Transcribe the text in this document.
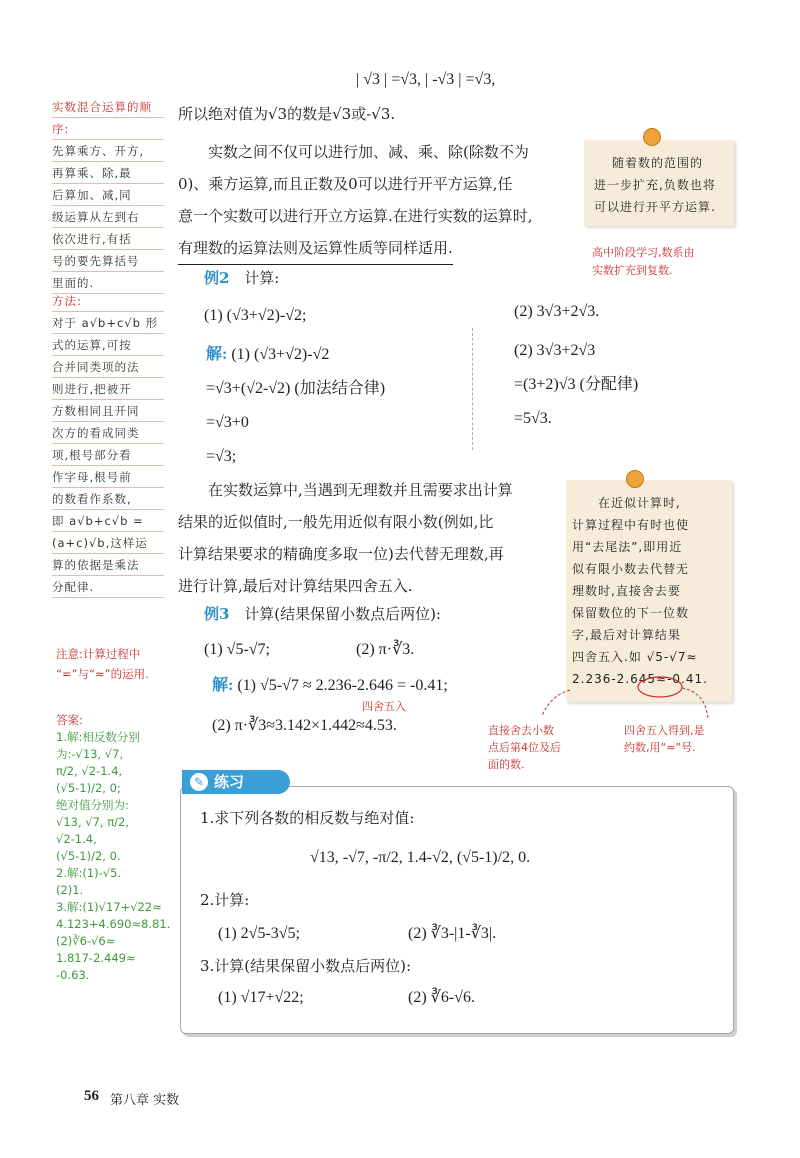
| √3 | =√3, | -√3 | =√3,
所以绝对值为√3的数是√3或-√3.
实数混合运算的顺序:
先算乘方、开方,
再算乘、除,最
后算加、减,同
级运算从左到右
依次进行,有括
号的要先算括号
里面的.
实数之间不仅可以进行加、减、乘、除(除数不为
0)、乘方运算,而且正数及0可以进行开平方运算,任
意一个实数可以进行开立方运算.在进行实数的运算时,
有理数的运算法则及运算性质等同样适用.
随着数的范围的
进一步扩充,负数也将
可以进行开平方运算.
高中阶段学习,数系由
实数扩充到复数.
例2 计算:
(1) (√3+√2)-√2;	(2) 3√3+2√3.
解: (1) (√3+√2)-√2
=√3+(√2-√2) (加法结合律)
=√3+0
=√3;
(2) 3√3+2√3
=(3+2)√3 (分配律)
=5√3.
方法:
对于 a√b+c√b 形
式的运算,可按
合并同类项的法
则进行,把被开
方数相同且开同
次方的看成同类
项,根号部分看
作字母,根号前
的数看作系数,
即 a√b+c√b =
(a+c)√b,这样运
算的依据是乘法
分配律.
在实数运算中,当遇到无理数并且需要求出计算
结果的近似值时,一般先用近似有限小数(例如,比
计算结果要求的精确度多取一位)去代替无理数,再
进行计算,最后对计算结果四舍五入.
在近似计算时,
计算过程中有时也使
用“去尾法”,即用近
似有限小数去代替无
理数时,直接舍去要
保留数位的下一位数
字,最后对计算结果
四舍五入.如 √5-√7≈
2.236-2.645≈-0.41.
例3 计算(结果保留小数点后两位):
(1) √5-√7;	(2) π·∛3.
解: (1) √5-√7 ≈ 2.236-2.646 = -0.41;
四舍五入
(2) π·∛3≈3.142×1.442≈4.53.
注意:计算过程中
“=”与“≈”的运用.
直接舍去小数
点后第4位及后
面的数.
四舍五入得到,是
约数,用“≈”号.
答案:
1.解:相反数分别
为:-√13, √7,
π/2, √2-1.4,
(√5-1)/2, 0;
绝对值分别为:
√13, √7, π/2,
√2-1.4,
(√5-1)/2, 0.
2.解:(1)-√5.
(2)1.
3.解:(1)√17+√22≈
4.123+4.690≈8.81.
(2)∛6-√6≈
1.817-2.449≈
-0.63.
✎ 练习
1.求下列各数的相反数与绝对值:
√13, -√7, -π/2, 1.4-√2, (√5-1)/2, 0.
2.计算:
(1) 2√5-3√5;	(2) ∛3-|1-∛3|.
3.计算(结果保留小数点后两位):
(1) √17+√22;	(2) ∛6-√6.
56 第八章 实数
